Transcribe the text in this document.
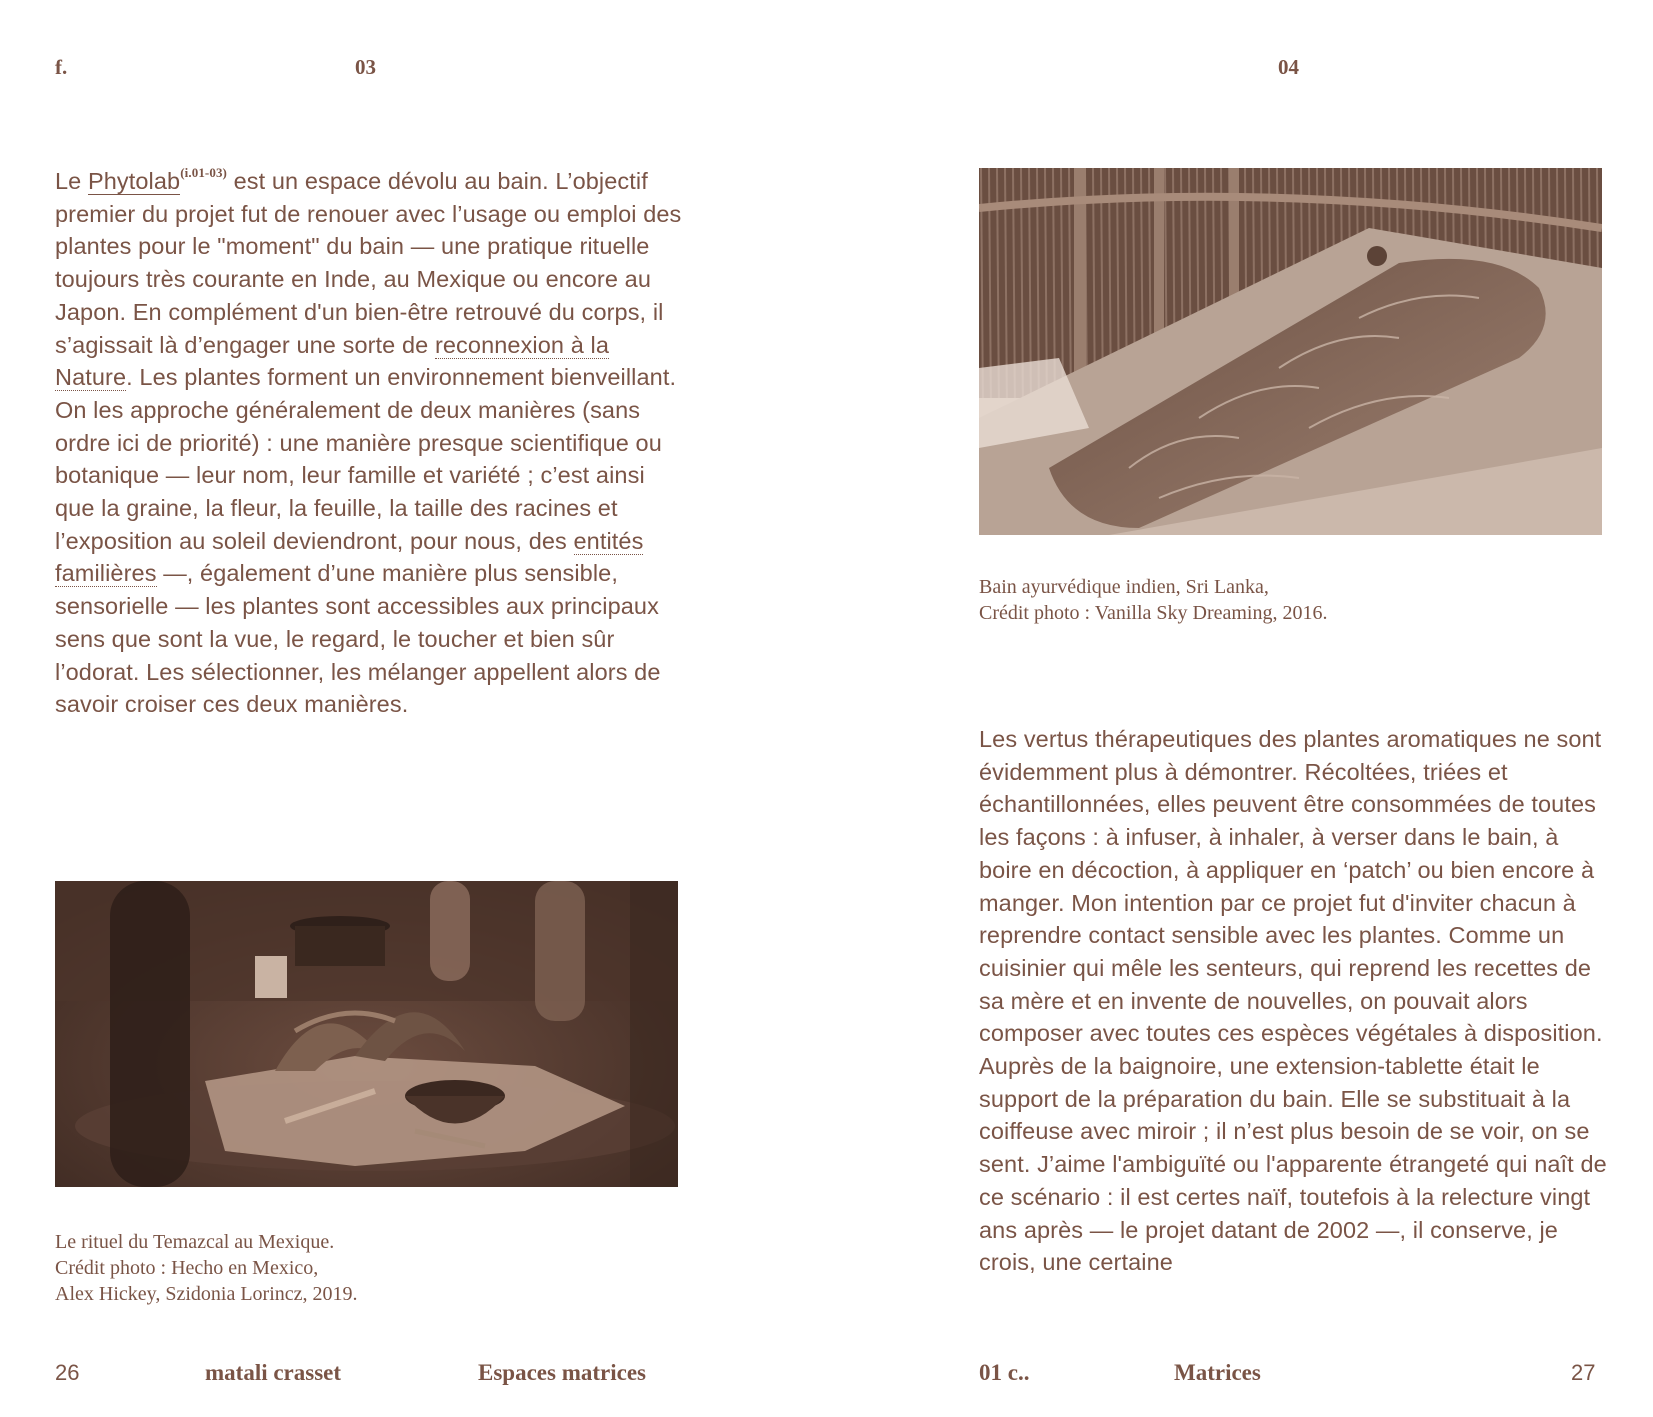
f.	03

Le Phytolab$^{(i.01-03)}$ est un espace dévolu au bain. L’objectif premier du projet fut de renouer avec l’usage ou emploi des plantes pour le "moment" du bain — une pratique rituelle toujours très courante en Inde, au Mexique ou encore au Japon. En complément d'un bien-être retrouvé du corps, il s’agissait là d’engager une sorte de reconnexion à la Nature. Les plantes forment un environnement bienveillant. On les approche généralement de deux manières (sans ordre ici de priorité) : une manière presque scientifique ou botanique — leur nom, leur famille et variété ; c’est ainsi que la graine, la fleur, la feuille, la taille des racines et l’exposition au soleil deviendront, pour nous, des entités familières —, également d’une manière plus sensible, sensorielle — les plantes sont accessibles aux principaux sens que sont la vue, le regard, le toucher et bien sûr l’odorat. Les sélectionner, les mélanger appellent alors de savoir croiser ces deux manières.

Le rituel du Temazcal au Mexique.
Crédit photo : Hecho en Mexico,
Alex Hickey, Szidonia Lorincz, 2019.
26	matali crasset	Espaces matrices
04
Bain ayurvédique indien, Sri Lanka,
Crédit photo : Vanilla Sky Dreaming, 2016.

Les vertus thérapeutiques des plantes aromatiques ne sont évidemment plus à démontrer. Récoltées, triées et échantillonnées, elles peuvent être consommées de toutes les façons : à infuser, à inhaler, à verser dans le bain, à boire en décoction, à appliquer en ‘patch’ ou bien encore à manger. Mon intention par ce projet fut d'inviter chacun à reprendre contact sensible avec les plantes. Comme un cuisinier qui mêle les senteurs, qui reprend les recettes de sa mère et en invente de nouvelles, on pouvait alors composer avec toutes ces espèces végétales à disposition. Auprès de la baignoire, une extension-tablette était le support de la préparation du bain. Elle se substituait à la coiffeuse avec miroir ; il n’est plus besoin de se voir, on se sent. J’aime l'ambiguïté ou l'apparente étrangeté qui naît de ce scénario : il est certes naïf, toutefois à la relecture vingt ans après — le projet datant de 2002 —, il conserve, je crois, une certaine

01 c..	Matrices	27
